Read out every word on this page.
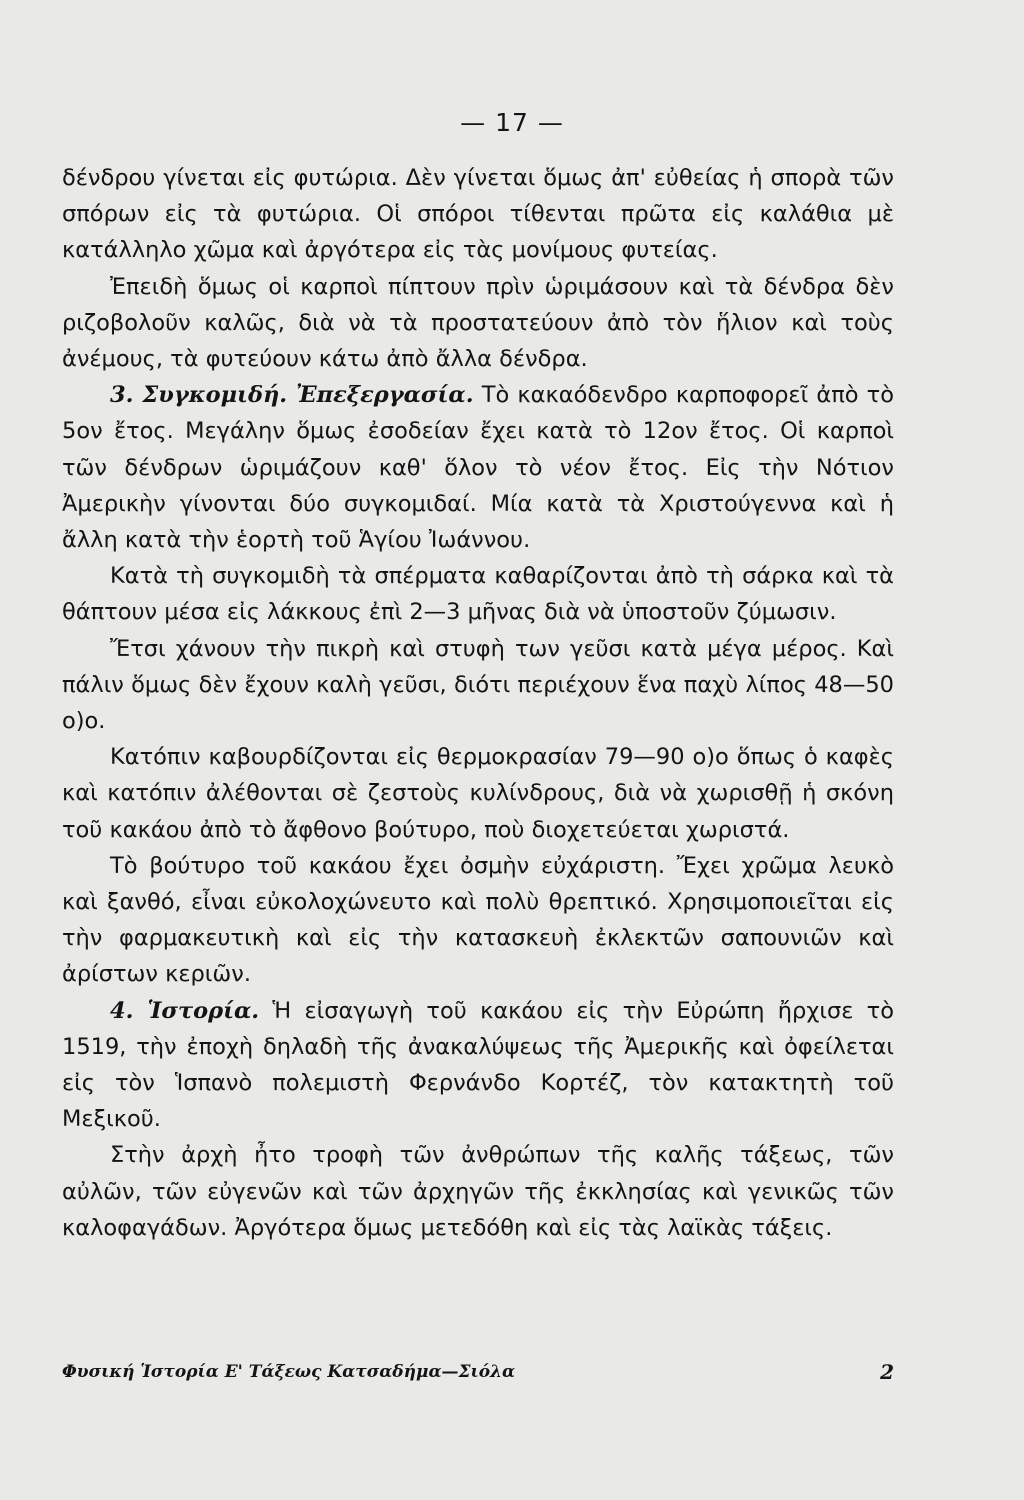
— 17 —

δένδρου γίνεται εἰς φυτώρια. Δὲν γίνεται ὅμως ἀπ' εὐθείας ἡ σπορὰ τῶν σπόρων εἰς τὰ φυτώρια. Οἱ σπόροι τίθενται πρῶτα εἰς καλάθια μὲ κατάλληλο χῶμα καὶ ἀργότερα εἰς τὰς μονίμους φυτείας.

Ἐπειδὴ ὅμως οἱ καρποὶ πίπτουν πρὶν ὡριμάσουν καὶ τὰ δένδρα δὲν ριζοβολοῦν καλῶς, διὰ νὰ τὰ προστατεύουν ἀπὸ τὸν ἥλιον καὶ τοὺς ἀνέμους, τὰ φυτεύουν κάτω ἀπὸ ἄλλα δένδρα.

3. Συγκομιδή. Ἐπεξεργασία. Τὸ κακαόδενδρο καρποφορεῖ ἀπὸ τὸ 5ον ἔτος. Μεγάλην ὅμως ἐσοδείαν ἔχει κατὰ τὸ 12ον ἔτος. Οἱ καρποὶ τῶν δένδρων ὡριμάζουν καθ' ὅλον τὸ νέον ἔτος. Εἰς τὴν Νότιον Ἀμερικὴν γίνονται δύο συγκομιδαί. Μία κατὰ τὰ Χριστούγεννα καὶ ἡ ἄλλη κατὰ τὴν ἑορτὴ τοῦ Ἁγίου Ἰωάννου.

Κατὰ τὴ συγκομιδὴ τὰ σπέρματα καθαρίζονται ἀπὸ τὴ σάρκα καὶ τὰ θάπτουν μέσα εἰς λάκκους ἐπὶ 2—3 μῆνας διὰ νὰ ὑποστοῦν ζύμωσιν.

Ἔτσι χάνουν τὴν πικρὴ καὶ στυφὴ των γεῦσι κατὰ μέγα μέρος. Καὶ πάλιν ὅμως δὲν ἔχουν καλὴ γεῦσι, διότι περιέχουν ἕνα παχὺ λίπος 48—50 ο)ο.

Κατόπιν καβουρδίζονται εἰς θερμοκρασίαν 79—90 ο)ο ὅπως ὁ καφὲς καὶ κατόπιν ἀλέθονται σὲ ζεστοὺς κυλίνδρους, διὰ νὰ χωρισθῇ ἡ σκόνη τοῦ κακάου ἀπὸ τὸ ἄφθονο βούτυρο, ποὺ διοχετεύεται χωριστά.

Τὸ βούτυρο τοῦ κακάου ἔχει ὀσμὴν εὐχάριστη. Ἔχει χρῶμα λευκὸ καὶ ξανθό, εἶναι εὐκολοχώνευτο καὶ πολὺ θρεπτικό. Χρησιμοποιεῖται εἰς τὴν φαρμακευτικὴ καὶ εἰς τὴν κατασκευὴ ἐκλεκτῶν σαπουνιῶν καὶ ἀρίστων κεριῶν.

4. Ἱστορία. Ἡ εἰσαγωγὴ τοῦ κακάου εἰς τὴν Εὐρώπη ἤρχισε τὸ 1519, τὴν ἐποχὴ δηλαδὴ τῆς ἀνακαλύψεως τῆς Ἀμερικῆς καὶ ὀφείλεται εἰς τὸν Ἱσπανὸ πολεμιστὴ Φερνάνδο Κορτέζ, τὸν κατακτητὴ τοῦ Μεξικοῦ.

Στὴν ἀρχὴ ἦτο τροφὴ τῶν ἀνθρώπων τῆς καλῆς τάξεως, τῶν αὐλῶν, τῶν εὐγενῶν καὶ τῶν ἀρχηγῶν τῆς ἐκκλησίας καὶ γενικῶς τῶν καλοφαγάδων. Ἀργότερα ὅμως μετεδόθη καὶ εἰς τὰς λαϊκὰς τάξεις.

Φυσική Ἱστορία Ε' Τάξεως Κατσαδήμα—Σιόλα	2
